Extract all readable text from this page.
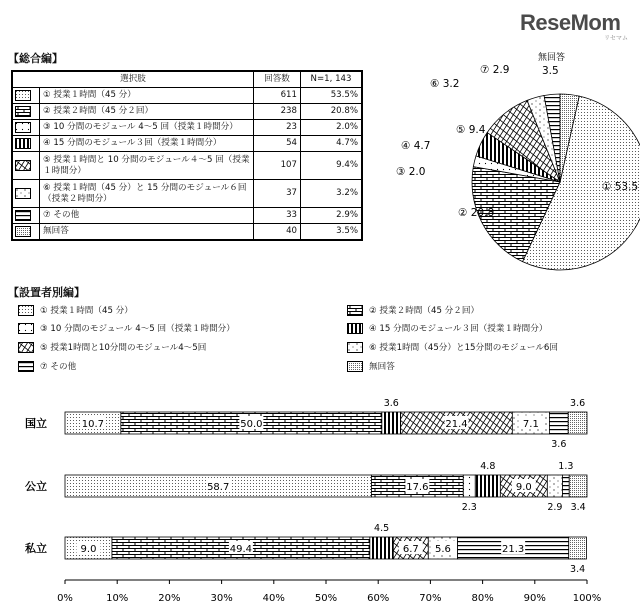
ReseMom
リセマム
【総合編】
選択肢		回答数	N=1, 143
	① 授業１時間（45 分）	611	53.5%
	② 授業２時間（45 分２回）	238	20.8%
	③ 10 分間のモジュール 4～5 回（授業１時間分）	23	2.0%
	④ 15 分間のモジュール３回（授業１時間分）	54	4.7%
	⑤ 授業１時間と 10 分間のモジュール４～5 回（授業１時間分）	107	9.4%
	⑥ 授業１時間（45 分）と 15 分間のモジュール６回（授業２時間分）	37	3.2%
	⑦ その他	33	2.9%
	無回答	40	3.5%
① 53.5
② 20.8
③ 2.0
④ 4.7
⑤ 9.4
⑥ 3.2
⑦ 2.9	3.5
無回答
【設置者別編】
① 授業１時間（45 分）	② 授業２時間（45 分２回）
③ 10 分間のモジュール 4～5 回（授業１時間分）	④ 15 分間のモジュール３回（授業１時間分）
⑤ 授業1時間と10分間のモジュール4～5回	⑥ 授業1時間（45分）と15分間のモジュール6回
⑦ その他	無回答
0%	10%	20%	30%	40%	50%	60%	70%	80%	90%	100%
国立	10.7	50.0
3.6
21.4	7.1
3.6
3.6
公立	58.7	17.6
2.3
4.8
9.0
2.9
1.3
3.4
私立	9.0	49.4
4.5
6.7 5.6	21.3
3.4
